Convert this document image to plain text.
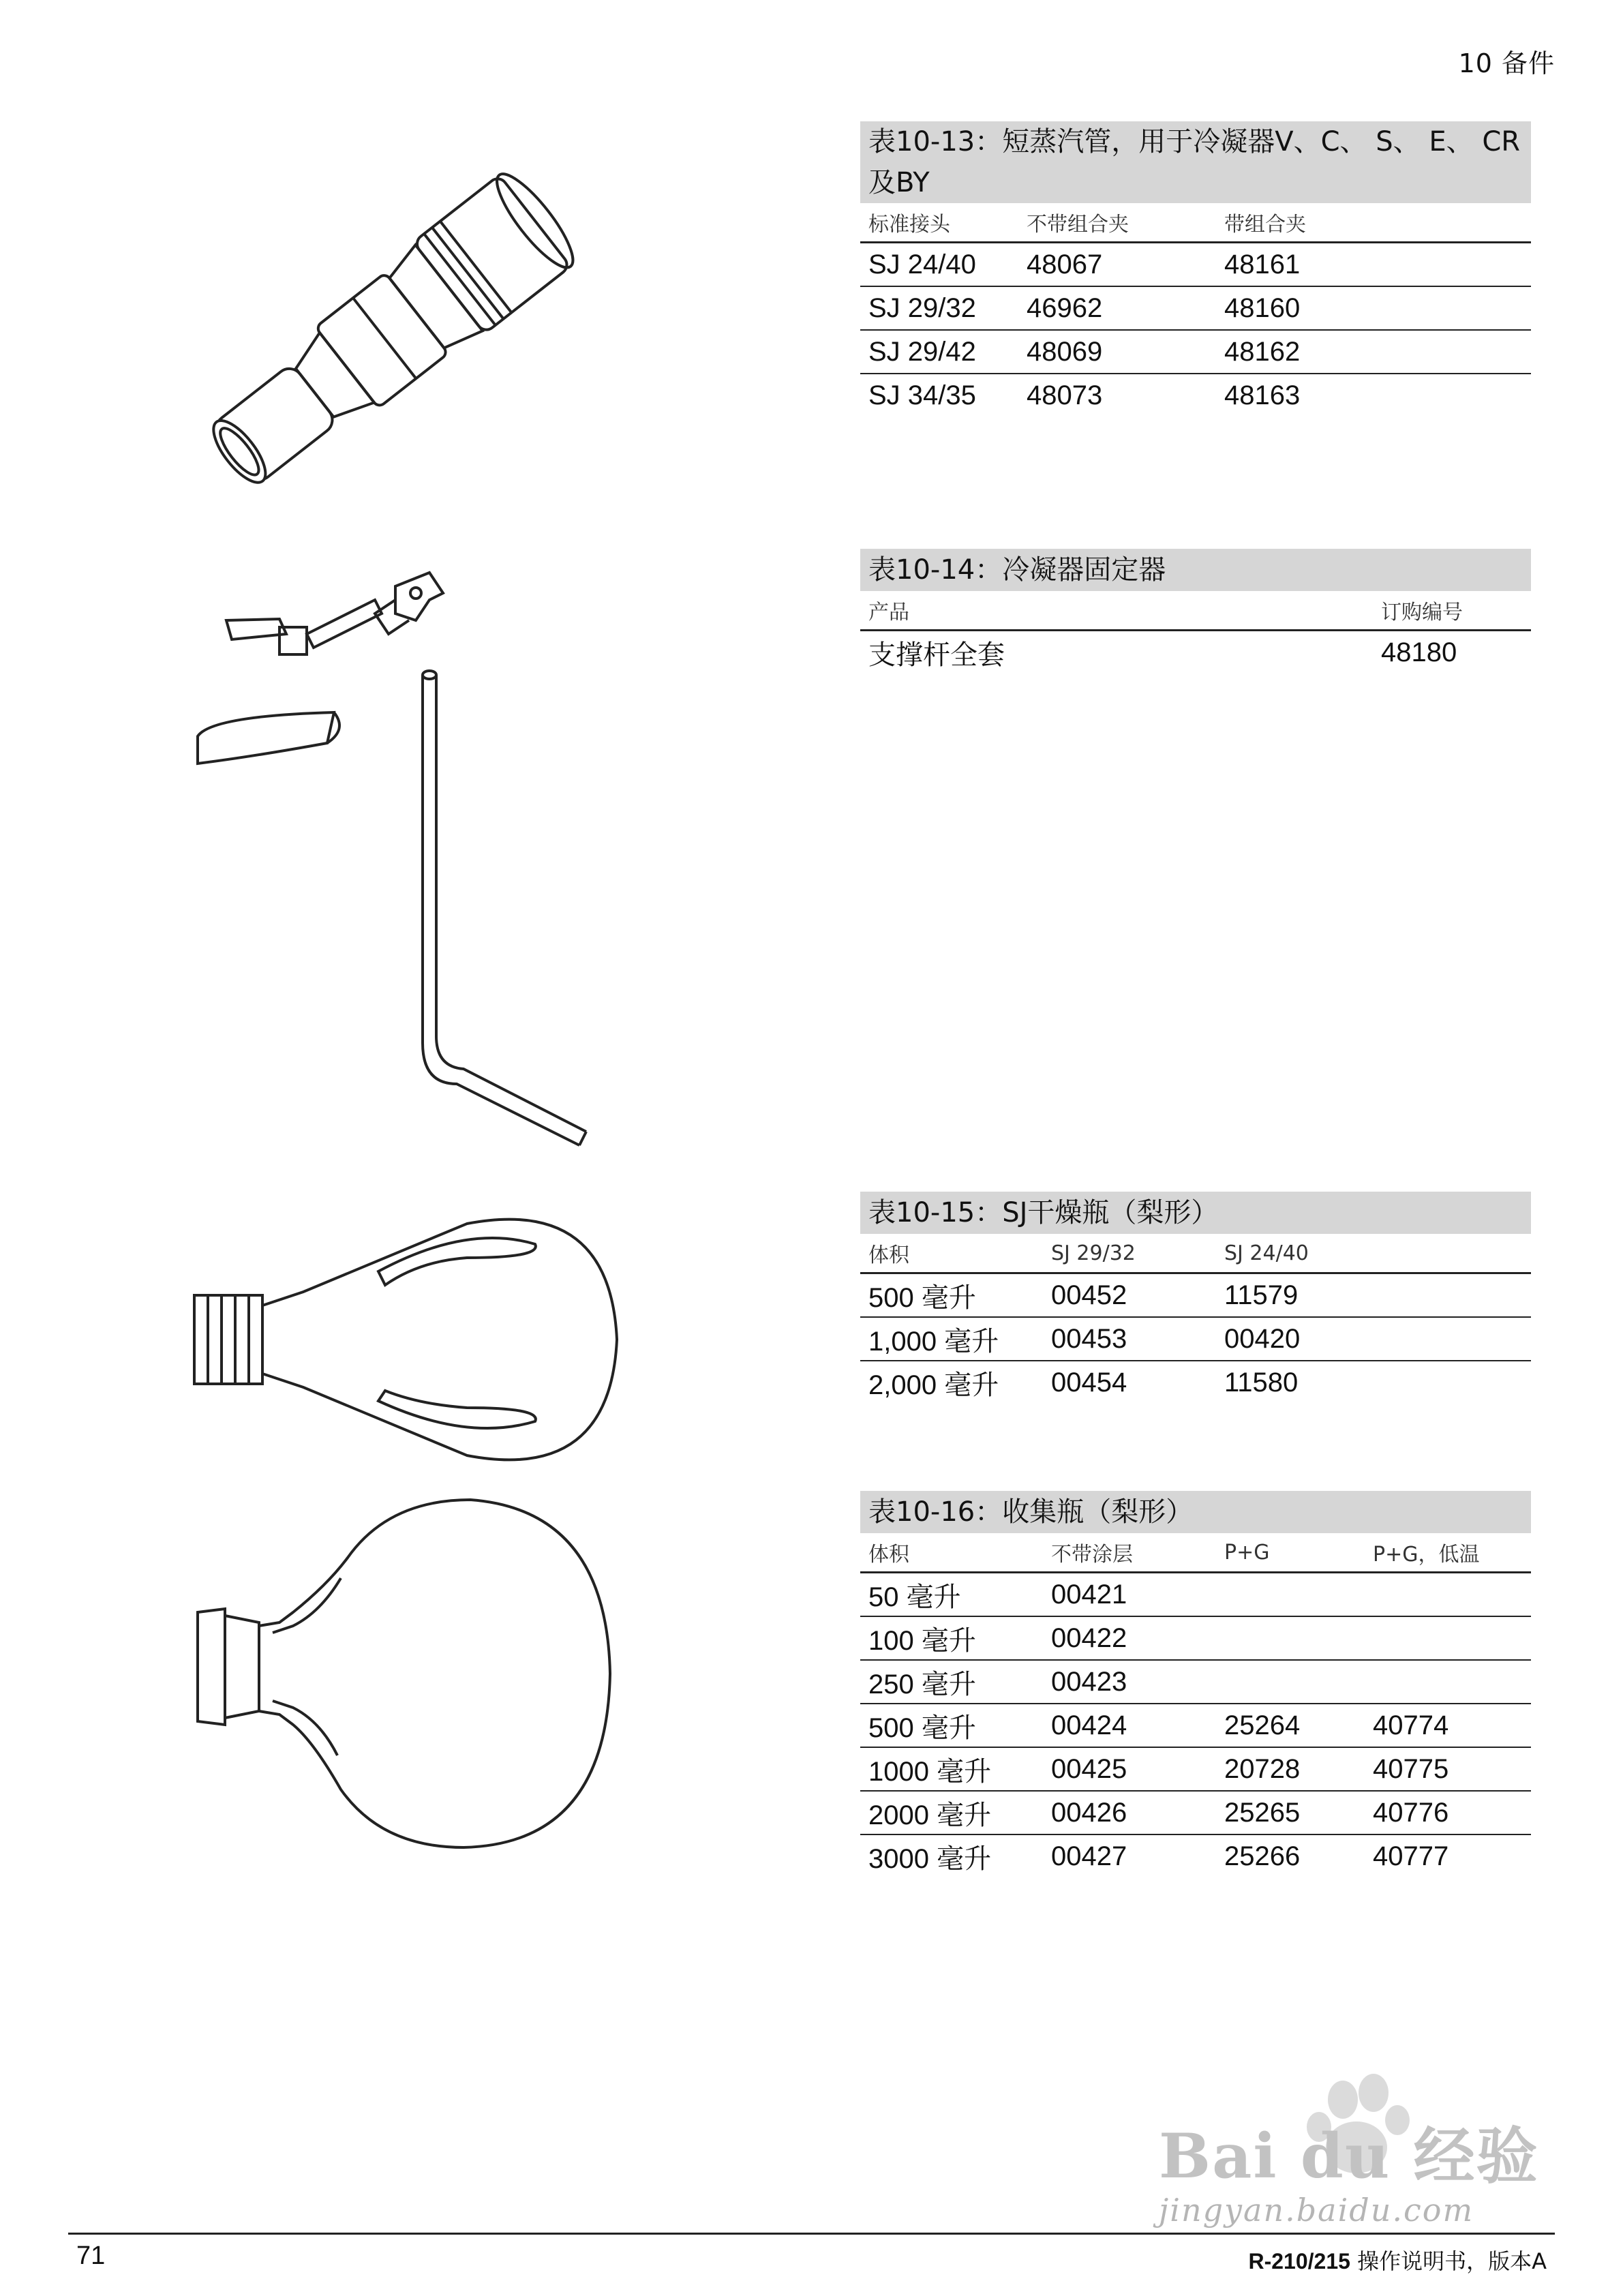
10 备件
表10-13：短蒸汽管，用于冷凝器V、C、 S、 E、 CR 及BY
标准接头	不带组合夹	带组合夹
SJ 24/40	48067	48161
SJ 29/32	46962	48160
SJ 29/42	48069	48162
SJ 34/35	48073	48163
表10-14：冷凝器固定器
产品	订购编号
支撑杆全套	48180
表10-15：SJ干燥瓶（梨形）
体积	SJ 29/32	SJ 24/40
500 毫升	00452	11579
1,000 毫升	00453	00420
2,000 毫升	00454	11580
表10-16：收集瓶（梨形）
体积	不带涂层	P+G	P+G，低温
50 毫升	00421
100 毫升	00422
250 毫升	00423
500 毫升	00424	25264	40774
1000 毫升	00425	20728	40775
2000 毫升	00426	25265	40776
3000 毫升	00427	25266	40777
Bai du 经验
jingyan.baidu.com
71	R-210/215 操作说明书，版本A
